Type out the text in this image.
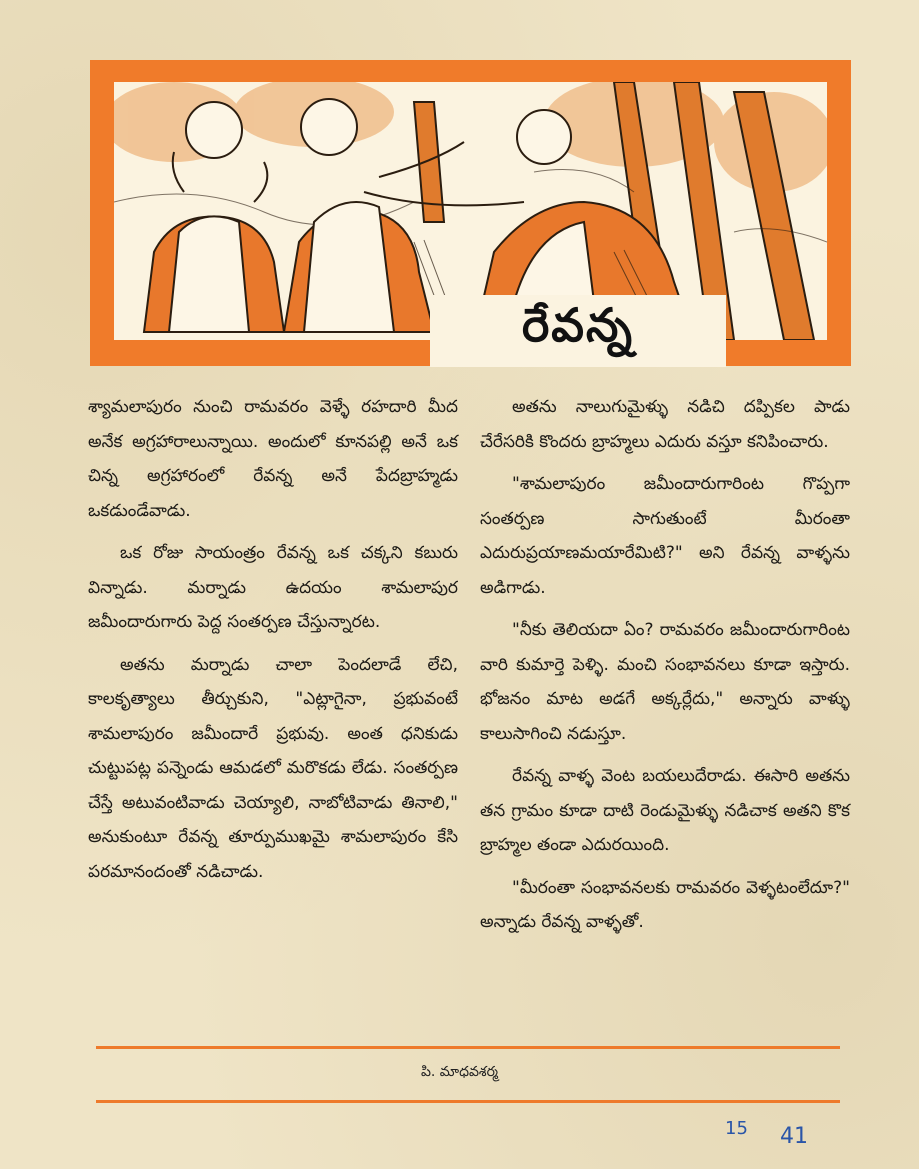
రేవన్న

శ్యామలాపురం నుంచి రామవరం వెళ్ళే రహదారి మీద అనేక అగ్రహారాలున్నాయి. అందులో కూనపల్లి అనే ఒక చిన్న అగ్రహారంలో రేవన్న అనే పేదబ్రాహ్మడు ఒకడుండేవాడు.

ఒక రోజు సాయంత్రం రేవన్న ఒక చక్కని కబురు విన్నాడు. మర్నాడు ఉదయం శామలాపుర జమీందారుగారు పెద్ద సంతర్పణ చేస్తున్నారట.

అతను మర్నాడు చాలా పెందలాడే లేచి, కాలకృత్యాలు తీర్చుకుని, "ఎట్లాగైనా, ప్రభువంటే శామలాపురం జమీందారే ప్రభువు. అంత ధనికుడు చుట్టుపట్ల పన్నెండు ఆమడలో మరొకడు లేడు. సంతర్పణ చేస్తే అటువంటివాడు చెయ్యాలి, నాబోటివాడు తినాలి," అనుకుంటూ రేవన్న తూర్పుముఖమై శామలాపురం కేసి పరమానందంతో నడిచాడు.

అతను నాలుగుమైళ్ళు నడిచి దప్పికల పాడు చేరేసరికి కొందరు బ్రాహ్మలు ఎదురు వస్తూ కనిపించారు.

"శామలాపురం జమీందారుగారింట గొప్పగా సంతర్పణ సాగుతుంటే మీరంతా ఎదురుప్రయాణమయారేమిటి?" అని రేవన్న వాళ్ళను అడిగాడు.

"నీకు తెలియదా ఏం? రామవరం జమీందారుగారింట వారి కుమార్తె పెళ్ళి. మంచి సంభావనలు కూడా ఇస్తారు. భోజనం మాట అడగే అక్కర్లేదు," అన్నారు వాళ్ళు కాలుసాగించి నడుస్తూ.

రేవన్న వాళ్ళ వెంట బయలుదేరాడు. ఈసారి అతను తన గ్రామం కూడా దాటి రెండుమైళ్ళు నడిచాక అతని కొక బ్రాహ్మల తండా ఎదురయింది.

"మీరంతా సంభావనలకు రామవరం వెళ్ళటంలేదూ?" అన్నాడు రేవన్న వాళ్ళతో.

పి. మాధవశర్మ
15 41
